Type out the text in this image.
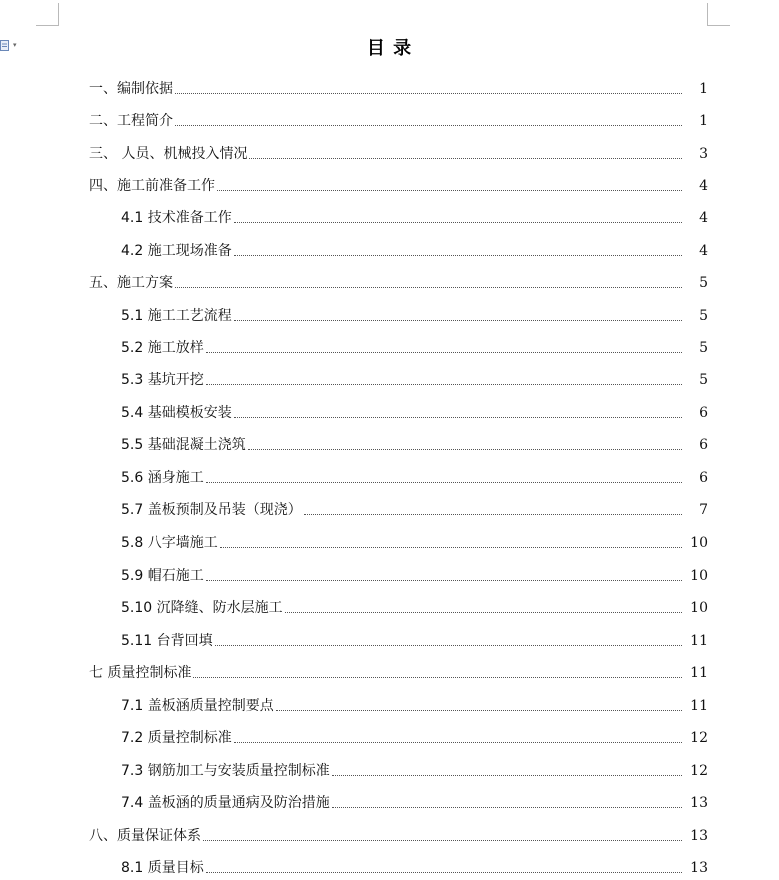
▾	目 录
一、编制依据	1
二、工程简介	1
三、 人员、机械投入情况	3
四、施工前准备工作	4
4.1 技术准备工作	4
4.2 施工现场准备	4
五、施工方案	5
5.1 施工工艺流程	5
5.2 施工放样	5
5.3 基坑开挖	5
5.4 基础模板安装	6
5.5 基础混凝土浇筑	6
5.6 涵身施工	6
5.7 盖板预制及吊装（现浇）	7
5.8 八字墙施工	10
5.9 帽石施工	10
5.10 沉降缝、防水层施工	10
5.11 台背回填	11
七 质量控制标准	11
7.1 盖板涵质量控制要点	11
7.2 质量控制标准	12
7.3 钢筋加工与安装质量控制标准	12
7.4 盖板涵的质量通病及防治措施	13
八、质量保证体系	13
8.1 质量目标	13
